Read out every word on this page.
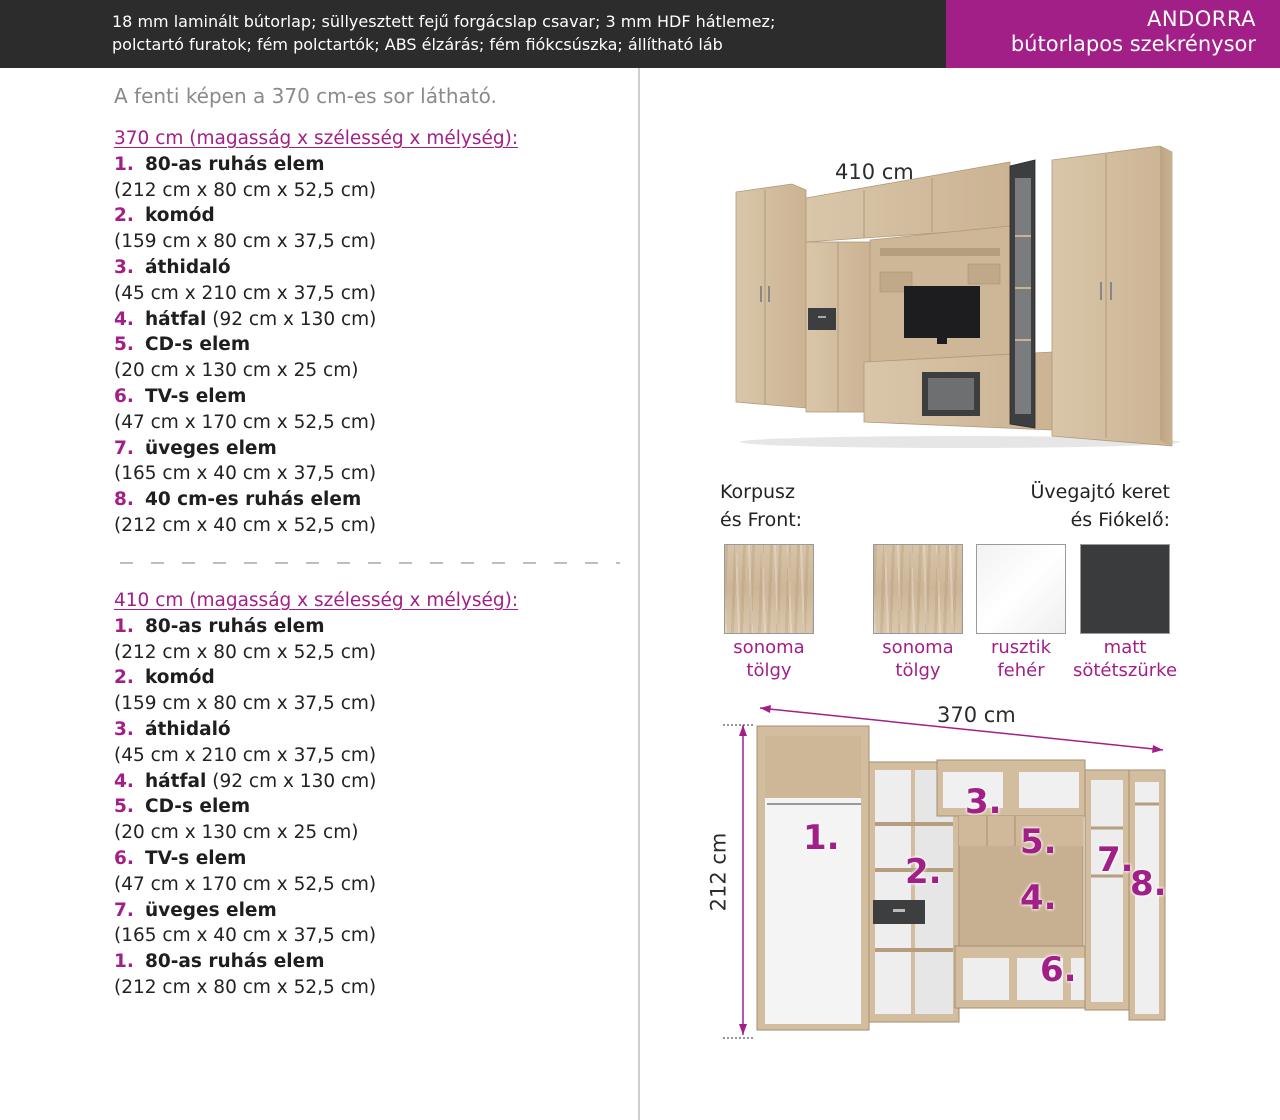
18 mm laminált bútorlap; süllyesztett fejű forgácslap csavar; 3 mm HDF hátlemez;
polctartó furatok; fém polctartók; ABS élzárás; fém fiókcsúszka; állítható láb
ANDORRA
bútorlapos szekrénysor
A fenti képen a 370 cm-es sor látható.
370 cm (magasság x szélesség x mélység):
1. 80-as ruhás elem
(212 cm x 80 cm x 52,5 cm)
2. komód
(159 cm x 80 cm x 37,5 cm)
3. áthidaló
(45 cm x 210 cm x 37,5 cm)
4. hátfal (92 cm x 130 cm)
5. CD-s elem
(20 cm x 130 cm x 25 cm)
6. TV-s elem
(47 cm x 170 cm x 52,5 cm)
7. üveges elem
(165 cm x 40 cm x 37,5 cm)
8. 40 cm-es ruhás elem
(212 cm x 40 cm x 52,5 cm)
410 cm (magasság x szélesség x mélység):
1. 80-as ruhás elem
(212 cm x 80 cm x 52,5 cm)
2. komód
(159 cm x 80 cm x 37,5 cm)
3. áthidaló
(45 cm x 210 cm x 37,5 cm)
4. hátfal (92 cm x 130 cm)
5. CD-s elem
(20 cm x 130 cm x 25 cm)
6. TV-s elem
(47 cm x 170 cm x 52,5 cm)
7. üveges elem
(165 cm x 40 cm x 37,5 cm)
1. 80-as ruhás elem
(212 cm x 80 cm x 52,5 cm)
410 cm
Korpusz
és Front:
Üvegajtó keret
és Fiókelő:
sonoma
tölgy
sonoma
tölgy
rusztik
fehér
matt
sötétszürke
370 cm
212 cm 1.
2.
3.
4.
5.
6.
7.
8.
